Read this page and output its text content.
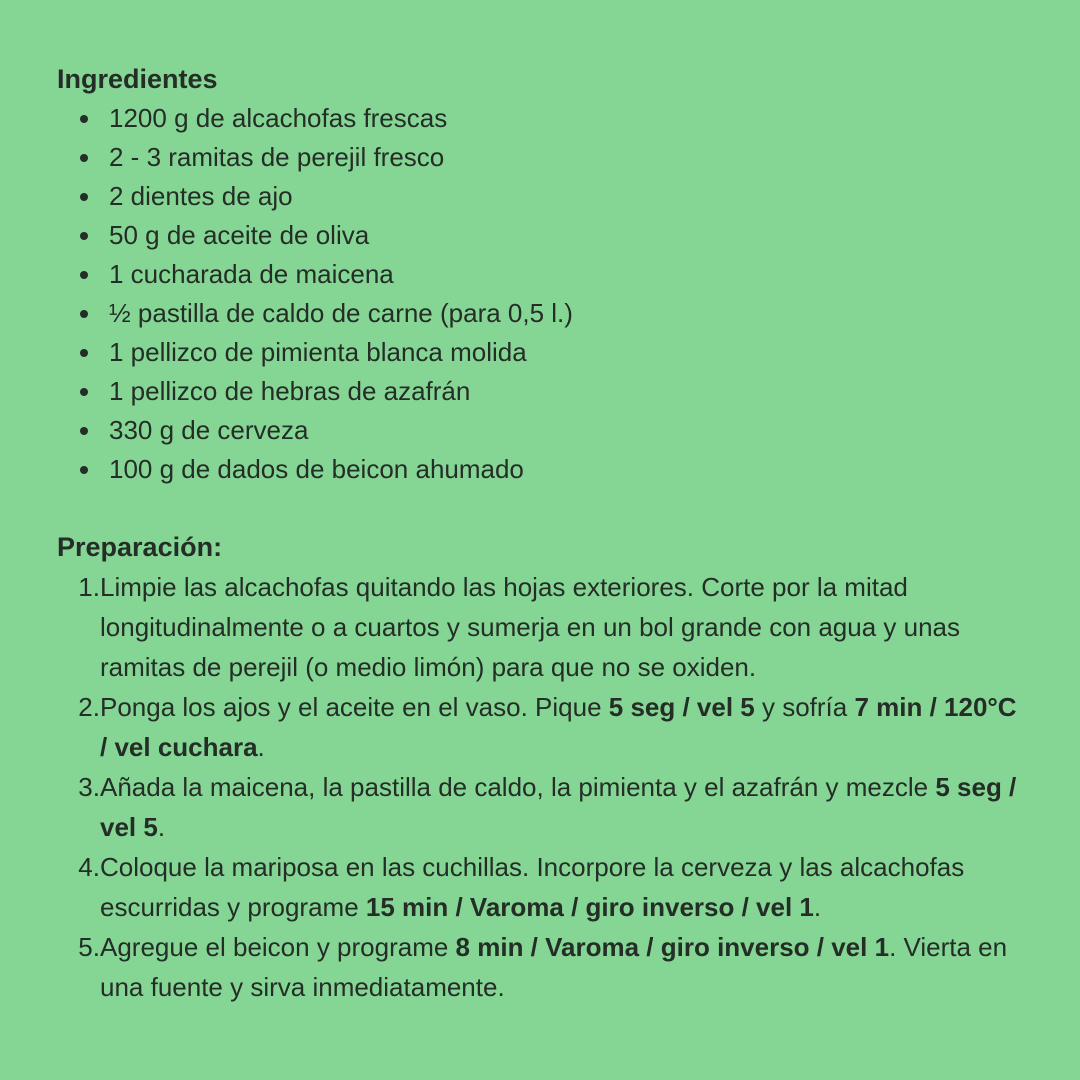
Ingredientes
• 1200 g de alcachofas frescas
• 2 - 3 ramitas de perejil fresco
• 2 dientes de ajo
• 50 g de aceite de oliva
• 1 cucharada de maicena
• ½ pastilla de caldo de carne (para 0,5 l.)
• 1 pellizco de pimienta blanca molida
• 1 pellizco de hebras de azafrán
• 330 g de cerveza
• 100 g de dados de beicon ahumado
Preparación:
Limpie las alcachofas quitando las hojas exteriores. Corte por la mitad longitudinalmente o a cuartos y sumerja en un bol grande con agua y unas ramitas de perejil (o medio limón) para que no se oxiden.
Ponga los ajos y el aceite en el vaso. Pique 5 seg / vel 5 y sofría 7 min / 120°C / vel cuchara.
Añada la maicena, la pastilla de caldo, la pimienta y el azafrán y mezcle 5 seg / vel 5.
Coloque la mariposa en las cuchillas. Incorpore la cerveza y las alcachofas escurridas y programe 15 min / Varoma / giro inverso / vel 1.
Agregue el beicon y programe 8 min / Varoma / giro inverso / vel 1. Vierta en una fuente y sirva inmediatamente.
